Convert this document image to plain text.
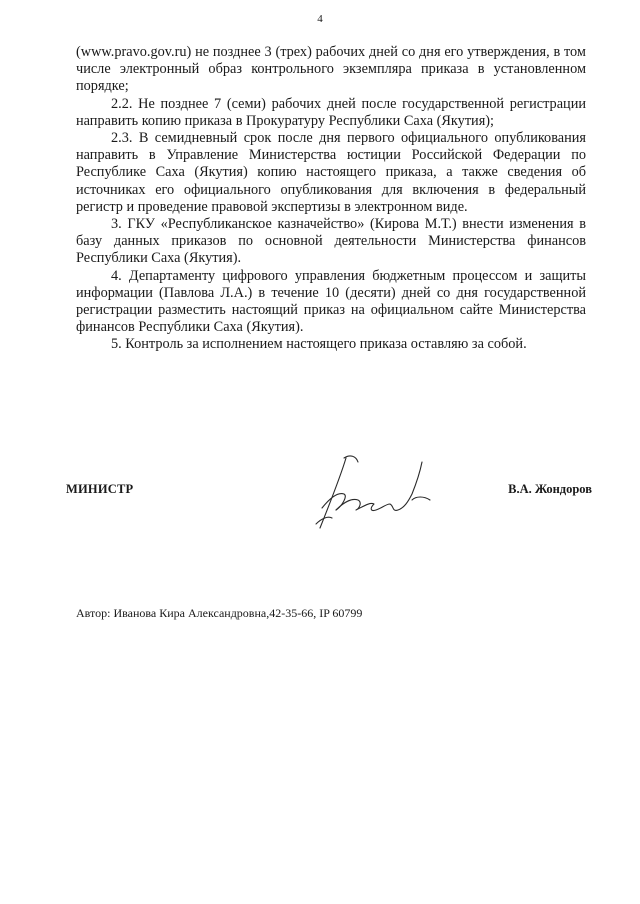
4

(www.pravo.gov.ru) не позднее 3 (трех) рабочих дней со дня его утверждения, в том числе электронный образ контрольного экземпляра приказа в установленном порядке;

2.2. Не позднее 7 (семи) рабочих дней после государственной регистрации направить копию приказа в Прокуратуру Республики Саха (Якутия);

2.3. В семидневный срок после дня первого официального опубликования направить в Управление Министерства юстиции Российской Федерации по Республике Саха (Якутия) копию настоящего приказа, а также сведения об источниках его официального опубликования для включения в федеральный регистр и проведение правовой экспертизы в электронном виде.

3. ГКУ «Республиканское казначейство» (Кирова М.Т.) внести изменения в базу данных приказов по основной деятельности Министерства финансов Республики Саха (Якутия).

4. Департаменту цифрового управления бюджетным процессом и защиты информации (Павлова Л.А.) в течение 10 (десяти) дней со дня государственной регистрации разместить настоящий приказ на официальном сайте Министерства финансов Республики Саха (Якутия).

5. Контроль за исполнением настоящего приказа оставляю за собой.

МИНИСТР	В.А. Жондоров
Автор: Иванова Кира Александровна,42-35-66, IP 60799
